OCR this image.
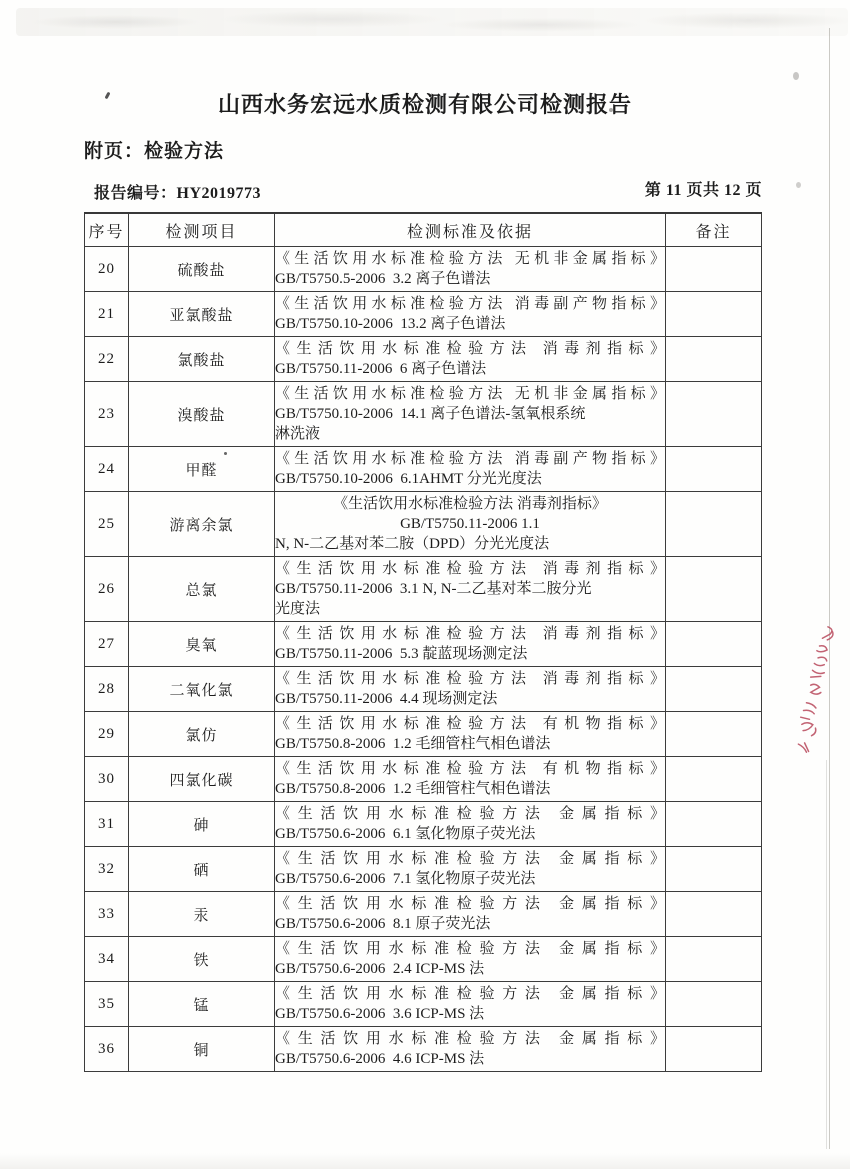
山西水务宏远水质检测有限公司检测报告
附页：检验方法
报告编号：HY2019773	第 11 页共 12 页
序号	检测项目	检测标准及依据	备注
20	硫酸盐	《生活饮用水标准检验方法 无机非金属指标》
GB/T5750.5-2006  3.2 离子色谱法	

21	亚氯酸盐	《生活饮用水标准检验方法 消毒副产物指标》
GB/T5750.10-2006  13.2 离子色谱法	

22	氯酸盐	《生活饮用水标准检验方法 消毒剂指标》
GB/T5750.11-2006  6 离子色谱法	

23	溴酸盐	《生活饮用水标准检验方法 无机非金属指标》
GB/T5750.10-2006  14.1 离子色谱法-氢氧根系统
淋洗液	

24	甲醛	《生活饮用水标准检验方法 消毒副产物指标》
GB/T5750.10-2006  6.1AHMT 分光光度法	

25	游离余氯	《生活饮用水标准检验方法 消毒剂指标》
GB/T5750.11-2006 1.1
N, N-二乙基对苯二胺（DPD）分光光度法	

26	总氯	《生活饮用水标准检验方法 消毒剂指标》
GB/T5750.11-2006  3.1 N, N-二乙基对苯二胺分光
光度法	

27	臭氧	《生活饮用水标准检验方法 消毒剂指标》
GB/T5750.11-2006  5.3 靛蓝现场测定法	

28	二氧化氯	《生活饮用水标准检验方法 消毒剂指标》
GB/T5750.11-2006  4.4 现场测定法	

29	氯仿	《生活饮用水标准检验方法 有机物指标》
GB/T5750.8-2006  1.2 毛细管柱气相色谱法	

30	四氯化碳	《生活饮用水标准检验方法 有机物指标》
GB/T5750.8-2006  1.2 毛细管柱气相色谱法	

31	砷	《生活饮用水标准检验方法 金属指标》
GB/T5750.6-2006  6.1 氢化物原子荧光法	

32	硒	《生活饮用水标准检验方法 金属指标》
GB/T5750.6-2006  7.1 氢化物原子荧光法	

33	汞	《生活饮用水标准检验方法 金属指标》
GB/T5750.6-2006  8.1 原子荧光法	

34	铁	《生活饮用水标准检验方法 金属指标》
GB/T5750.6-2006  2.4 ICP-MS 法	

35	锰	《生活饮用水标准检验方法 金属指标》
GB/T5750.6-2006  3.6 ICP-MS 法	

36	铜	《生活饮用水标准检验方法 金属指标》
GB/T5750.6-2006  4.6 ICP-MS 法	
